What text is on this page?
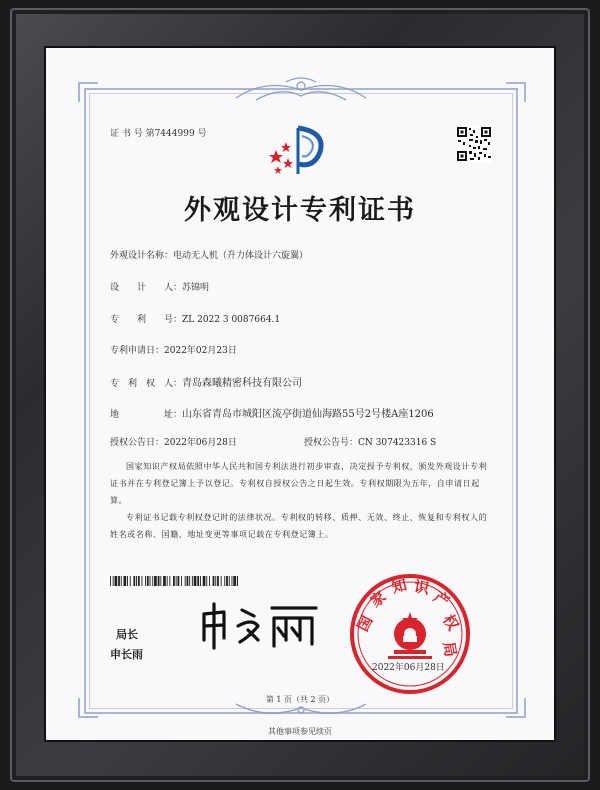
​
证 书 号 第7444999 号
外观设计专利证书
外观设计名称：电动无人机（升力体设计六旋翼）
设　　计　　人：苏锦明
专　　利　　号：ZL 2022 3 0087664.1
专利申请日：2022年02月23日
专　利　权　人：青岛森曦精密科技有限公司
地　　　　　址：山东省青岛市城阳区流亭街道仙海路55号2号楼A座1206
授权公告日：2022年06月28日	授权公告号：CN 307423316 S
国家知识产权局依照中华人民共和国专利法进行初步审查，决定授予专利权，颁发外观设计专利证书并在专利登记簿上予以登记。专利权自授权公告之日起生效。专利权期限为五年，自申请日起算。
专利证书记载专利权登记时的法律状况。专利权的转移、质押、无效、终止、恢复和专利权人的姓名或名称、国籍、地址变更等事项记载在专利登记簿上。
局长
申长雨
国
家
知 识 产
权
局
2022年06月28日
第 1 页（共 2 页）
其他事项参见续页
